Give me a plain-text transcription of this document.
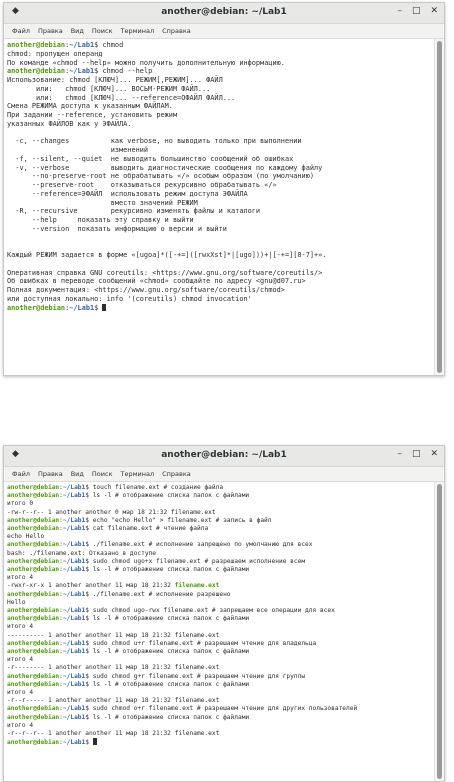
◆	another@debian: ~/Lab1	– □ ✕
Файл Правка Вид Поиск Терминал Справка
another@debian:~/Lab1$ chmod
chmod: пропущен операнд
По команде «chmod --help» можно получить дополнительную информацию.
another@debian:~/Lab1$ chmod --help
Использование: chmod [КЛЮЧ]... РЕЖИМ[,РЕЖИМ]... ФАЙЛ
или:   chmod [КЛЮЧ]... ВОСЬМ-РЕЖИМ ФАЙЛ...
или:   chmod [КЛЮЧ]... --reference=ОФАЙЛ ФАЙЛ...
Смена РЕЖИМА доступа к указанным ФАЙЛАМ.
При задании --reference, установить режим
указанных ФАЙЛОВ как у ЭФАЙЛА.

-c, --changes          как verbose, но выводить только при выполнении
изменений
-f, --silent, --quiet  не выводить большинство сообщений об ошибках
-v, --verbose          выводить диагностические сообщения по каждому файлу
--no-preserve-root не обрабатывать «/» особым образом (по умолчанию)
--preserve-root    отказываться рекурсивно обрабатывать «/»
--reference=ЭФАЙЛ  использовать режим доступа ЭФАЙЛА
вместо значений РЕЖИМ
-R, --recursive        рекурсивно изменять файлы и каталоги
--help     показать эту справку и выйти
--version  показать информацию о версии и выйти

Каждый РЕЖИМ задается в форме «[ugoa]*([-+=]([rwxXst]*|[ugo]))+|[-+=][0-7]+».

Оперативная справка GNU coreutils: <https://www.gnu.org/software/coreutils/>
Об ошибках в переводе сообщений «chmod» сообщайте по адресу <gnu@d07.ru>
Полная документация: <https://www.gnu.org/software/coreutils/chmod>
или доступная локально: info '(coreutils) chmod invocation'
another@debian:~/Lab1$
◆	another@debian: ~/Lab1	– □ ✕
Файл Правка Вид Поиск Терминал Справка
another@debian:~/Lab1$ touch filename.ext # создание файла
another@debian:~/Lab1$ ls -l # отображение списка папок с файлами
итого 0
-rw-r--r-- 1 another another 0 мар 18 21:32 filename.ext
another@debian:~/Lab1$ echo "echo Hello" > filename.ext # запись в файл
another@debian:~/Lab1$ cat filename.ext # чтение файла
echo Hello
another@debian:~/Lab1$ ./filename.ext # исполнение запрещено по умолчанию для всех
bash: ./filename.ext: Отказано в доступе
another@debian:~/Lab1$ sudo chmod ugo+x filename.ext # разрешаем исполнение всем
another@debian:~/Lab1$ ls -l # отображение списка папок с файлами
итого 4
-rwxr-xr-x 1 another another 11 мар 18 21:32 filename.ext
another@debian:~/Lab1$ ./filename.ext # исполнение разрешено
Hello
another@debian:~/Lab1$ sudo chmod ugo-rwx filename.ext # запрещаем все операции для всех
another@debian:~/Lab1$ ls -l # отображение списка папок с файлами
итого 4
---------- 1 another another 11 мар 18 21:32 filename.ext
another@debian:~/Lab1$ sudo chmod u+r filename.ext # разрешаем чтение для владельца
another@debian:~/Lab1$ ls -l # отображение списка папок с файлами
итого 4
-r-------- 1 another another 11 мар 18 21:32 filename.ext
another@debian:~/Lab1$ sudo chmod g+r filename.ext # разрешаем чтение для группы
another@debian:~/Lab1$ ls -l # отображение списка папок с файлами
итого 4
-r--r----- 1 another another 11 мар 18 21:32 filename.ext
another@debian:~/Lab1$ sudo chmod o+r filename.ext # разрешаем чтение для других пользователей
another@debian:~/Lab1$ ls -l # отображение списка папок с файлами
итого 4
-r--r--r-- 1 another another 11 мар 18 21:32 filename.ext
another@debian:~/Lab1$
